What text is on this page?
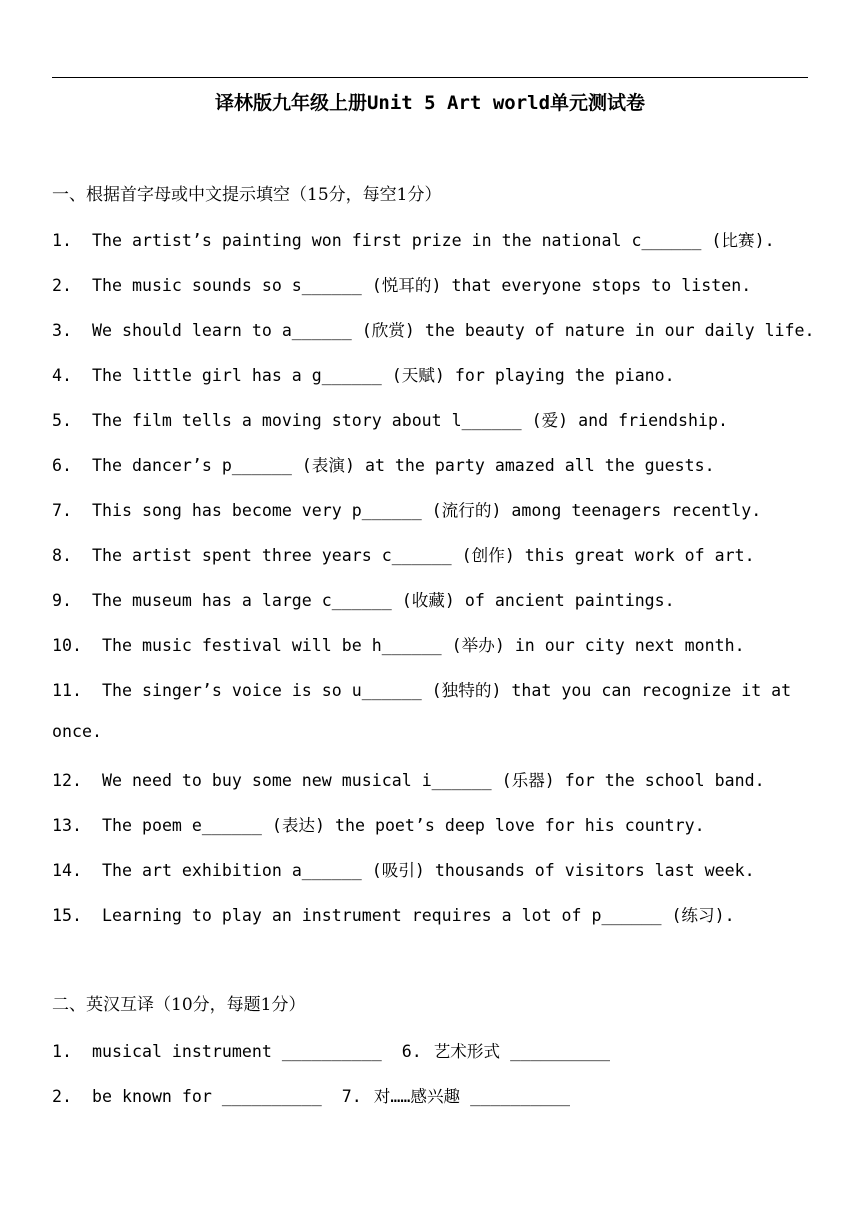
译林版九年级上册Unit 5 Art world单元测试卷
一、根据首字母或中文提示填空（15分，每空1分）
1. The artist’s painting won first prize in the national c______ (比赛).
2. The music sounds so s______ (悦耳的) that everyone stops to listen.
3. We should learn to a______ (欣赏) the beauty of nature in our daily life.
4. The little girl has a g______ (天赋) for playing the piano.
5. The film tells a moving story about l______ (爱) and friendship.
6. The dancer’s p______ (表演) at the party amazed all the guests.
7. This song has become very p______ (流行的) among teenagers recently.
8. The artist spent three years c______ (创作) this great work of art.
9. The museum has a large c______ (收藏) of ancient paintings.
10. The music festival will be h______ (举办) in our city next month.
11. The singer’s voice is so u______ (独特的) that you can recognize it at
once.
12. We need to buy some new musical i______ (乐器) for the school band.
13. The poem e______ (表达) the poet’s deep love for his country.
14. The art exhibition a______ (吸引) thousands of visitors last week.
15. Learning to play an instrument requires a lot of p______ (练习).
二、英汉互译（10分，每题1分）
1. musical instrument __________ 6. 艺术形式 __________
2. be known for __________ 7. 对……感兴趣 __________
